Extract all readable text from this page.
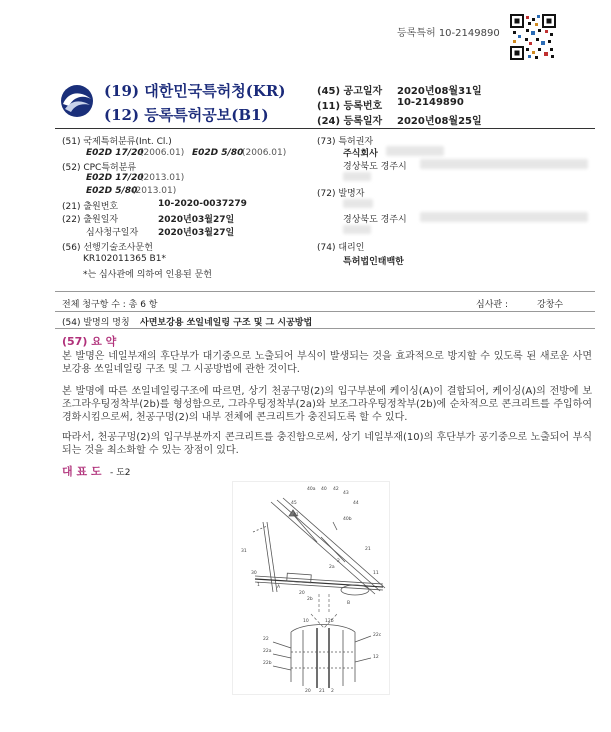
등록특허 10-2149890
(19) 대한민국특허청(KR)
(12) 등록특허공보(B1)
(45) 공고일자 2020년08월31일
(11) 등록번호 10-2149890
(24) 등록일자 2020년08월25일
(51) 국제특허분류(Int. Cl.)
E02D 17/20
(2006.01) E02D 5/80
(2006.01)
(52) CPC특허분류
E02D 17/20
(2013.01)
E02D 5/80
(2013.01)
(21) 출원번호	10-2020-0037279
(22) 출원일자	2020년03월27일
심사청구일자 2020년03월27일
(56) 선행기술조사문헌
KR102011365 B1*
*는 심사관에 의하여 인용된 문헌
(73) 특허권자
주식회사
경상북도 경주시
(72) 발명자
경상북도 경주시
(74) 대리인
특허법인태백한
전체 청구항 수 : 총 6 항	심사관 :	강창수
(54) 발명의 명칭 사면보강용 쏘일네일링 구조 및 그 시공방법
(57) 요 약
본 발명은 네일부재의 후단부가 대기중으로 노출되어 부식이 발생되는 것을 효과적으로 방지할 수 있도록 된 새로운 사면보강용 쏘일네일링 구조 및 그 시공방법에 관한 것이다.
본 발명에 따른 쏘일네일링구조에 따르면, 상기 천공구멍(2)의 입구부분에 케이싱(A)이 결합되어, 케이싱(A)의 전방에 보조그라우팅정착부(2b)를 형성함으로, 그라우팅정착부(2a)와 보조그라우팅정착부(2b)에 순차적으로 콘크리트를 주입하여 경화시킴으로써, 천공구멍(2)의 내부 전체에 콘크리트가 충진되도록 할 수 있다.
따라서, 천공구멍(2)의 입구부분까지 콘크리트를 충진함으로써, 상기 네일부재(10)의 후단부가 공기중으로 노출되어 부식되는 것을 최소화할 수 있는 장점이 있다.
대 표 도 - 도2
40a 40 42
43
45	44
41
40b
31
30
21
2a
2
1	A
11
20
2b
B
10	12b
22
22a
22b
22c
12
20 21 2
